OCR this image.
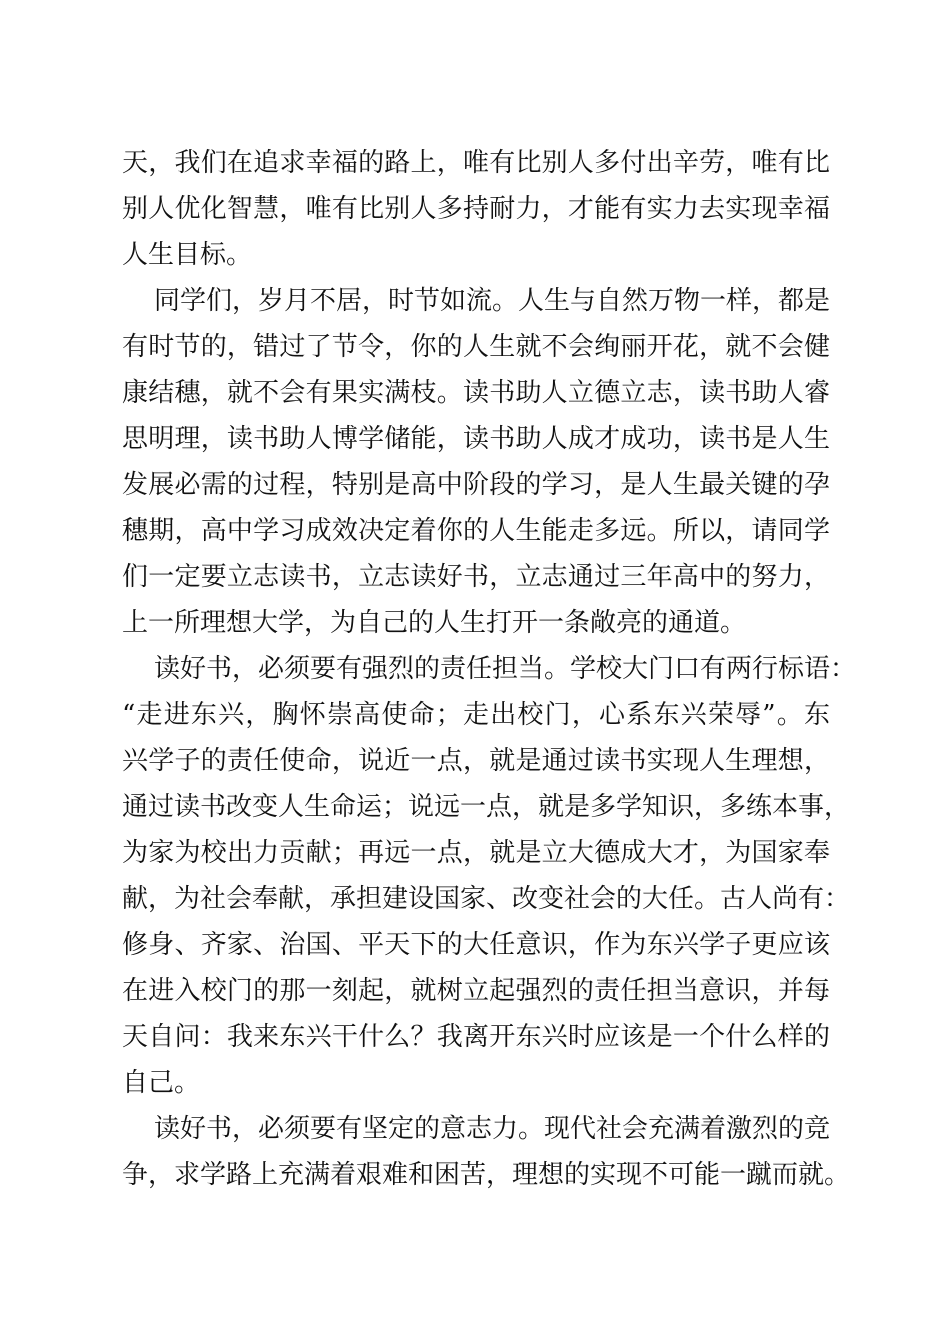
天，我们在追求幸福的路上，唯有比别人多付出辛劳，唯有比
别人优化智慧，唯有比别人多持耐力，才能有实力去实现幸福
人生目标。
同学们，岁月不居，时节如流。人生与自然万物一样，都是
有时节的，错过了节令，你的人生就不会绚丽开花，就不会健
康结穗，就不会有果实满枝。读书助人立德立志，读书助人睿
思明理，读书助人博学储能，读书助人成才成功，读书是人生
发展必需的过程，特别是高中阶段的学习，是人生最关键的孕
穗期，高中学习成效决定着你的人生能走多远。所以，请同学
们一定要立志读书，立志读好书，立志通过三年高中的努力，
上一所理想大学，为自己的人生打开一条敞亮的通道。
读好书，必须要有强烈的责任担当。学校大门口有两行标语：
“走进东兴，胸怀崇高使命；走出校门，心系东兴荣辱”。东
兴学子的责任使命，说近一点，就是通过读书实现人生理想，
通过读书改变人生命运；说远一点，就是多学知识，多练本事，
为家为校出力贡献；再远一点，就是立大德成大才，为国家奉
献，为社会奉献，承担建设国家、改变社会的大任。古人尚有：
修身、齐家、治国、平天下的大任意识，作为东兴学子更应该
在进入校门的那一刻起，就树立起强烈的责任担当意识，并每
天自问：我来东兴干什么？我离开东兴时应该是一个什么样的
自己。
读好书，必须要有坚定的意志力。现代社会充满着激烈的竞
争，求学路上充满着艰难和困苦，理想的实现不可能一蹴而就。
